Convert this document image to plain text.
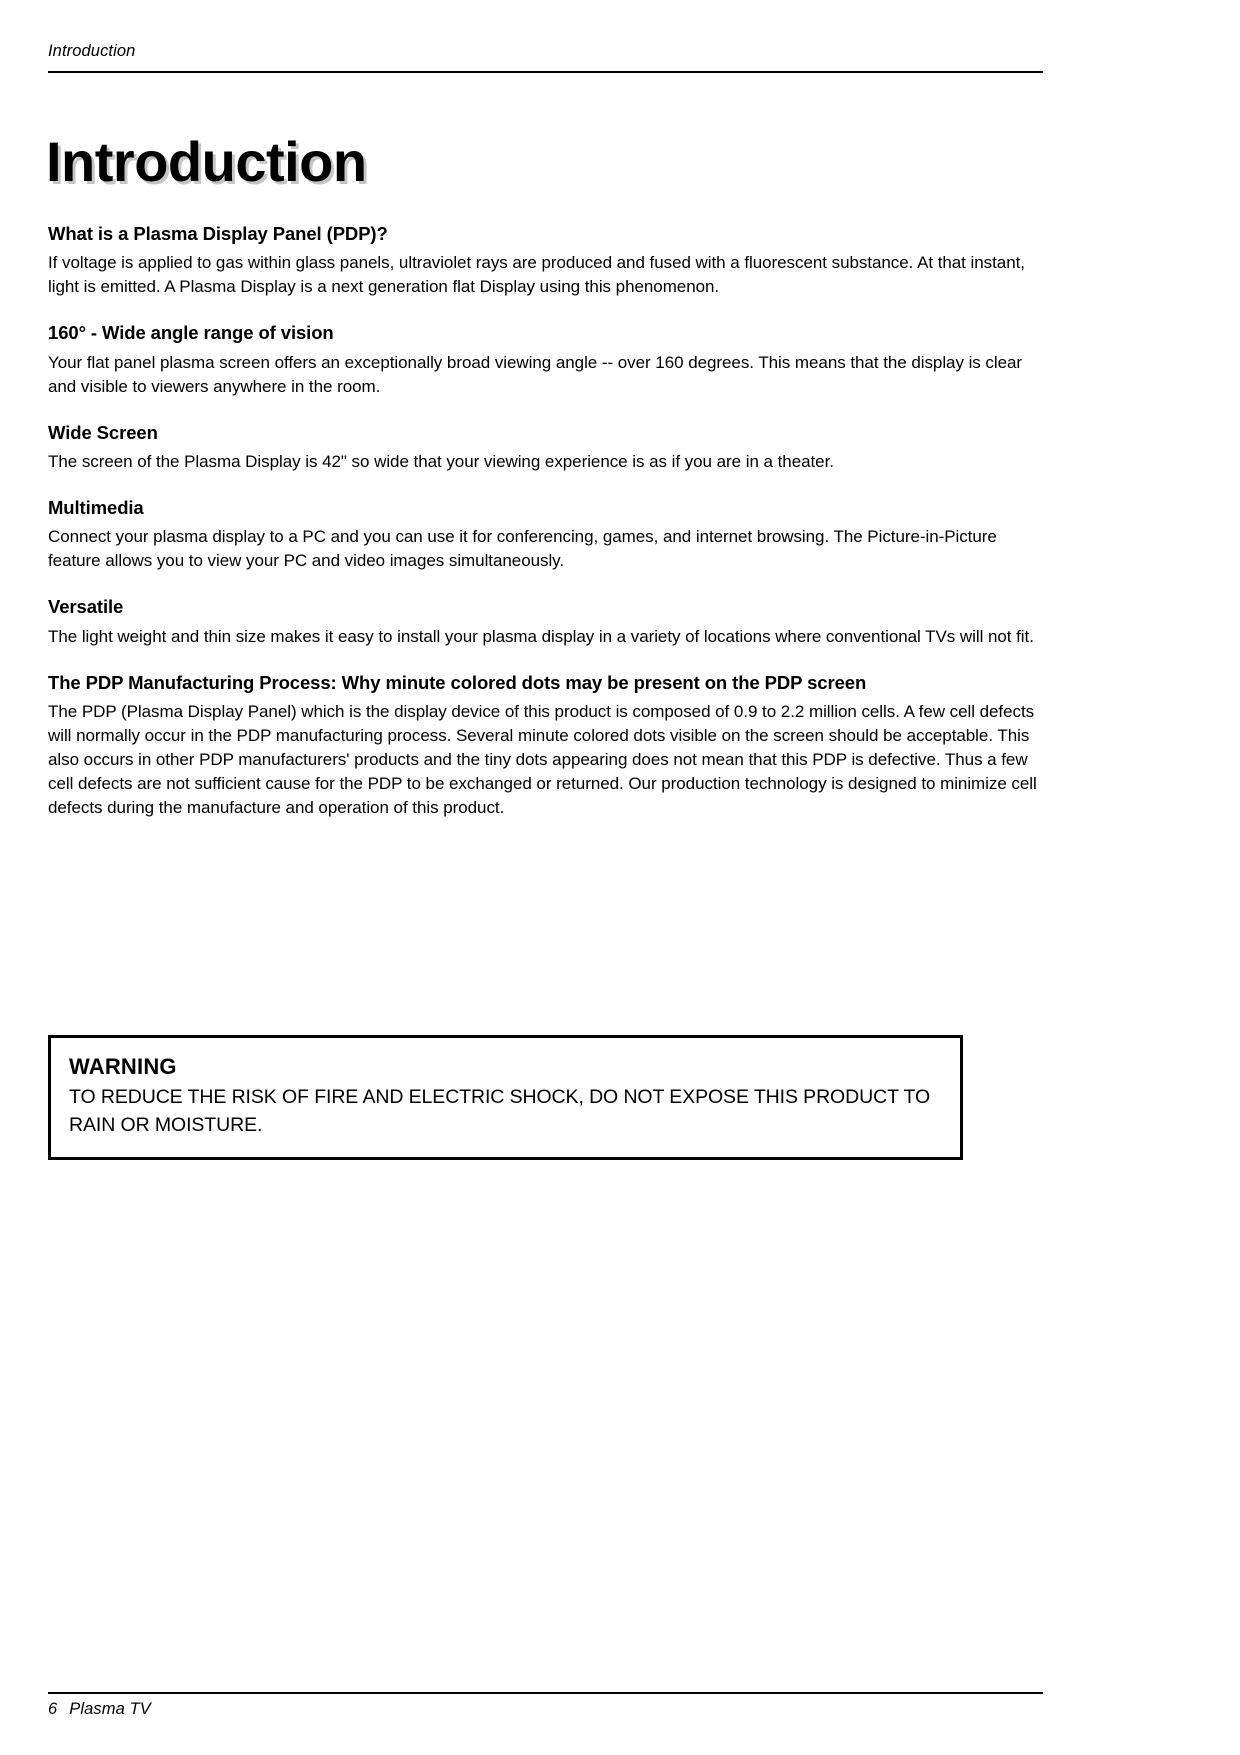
Introduction
Introduction
What is a Plasma Display Panel (PDP)?

If voltage is applied to gas within glass panels, ultraviolet rays are produced and fused with a fluorescent substance. At that instant, light is emitted. A Plasma Display is a next generation flat Display using this phenomenon.

160° - Wide angle range of vision

Your flat panel plasma screen offers an exceptionally broad viewing angle -- over 160 degrees. This means that the display is clear and visible to viewers anywhere in the room.

Wide Screen

The screen of the Plasma Display is 42" so wide that your viewing experience is as if you are in a theater.

Multimedia

Connect your plasma display to a PC and you can use it for conferencing, games, and internet browsing. The Picture-in-Picture feature allows you to view your PC and video images simultaneously.

Versatile

The light weight and thin size makes it easy to install your plasma display in a variety of locations where conventional TVs will not fit.

The PDP Manufacturing Process: Why minute colored dots may be present on the PDP screen

The PDP (Plasma Display Panel) which is the display device of this product is composed of 0.9 to 2.2 million cells. A few cell defects will normally occur in the PDP manufacturing process. Several minute colored dots visible on the screen should be acceptable. This also occurs in other PDP manufacturers' products and the tiny dots appearing does not mean that this PDP is defective. Thus a few cell defects are not sufficient cause for the PDP to be exchanged or returned. Our production technology is designed to minimize cell defects during the manufacture and operation of this product.

WARNING

TO REDUCE THE RISK OF FIRE AND ELECTRIC SHOCK, DO NOT EXPOSE THIS PRODUCT TO RAIN OR MOISTURE.

6 Plasma TV
